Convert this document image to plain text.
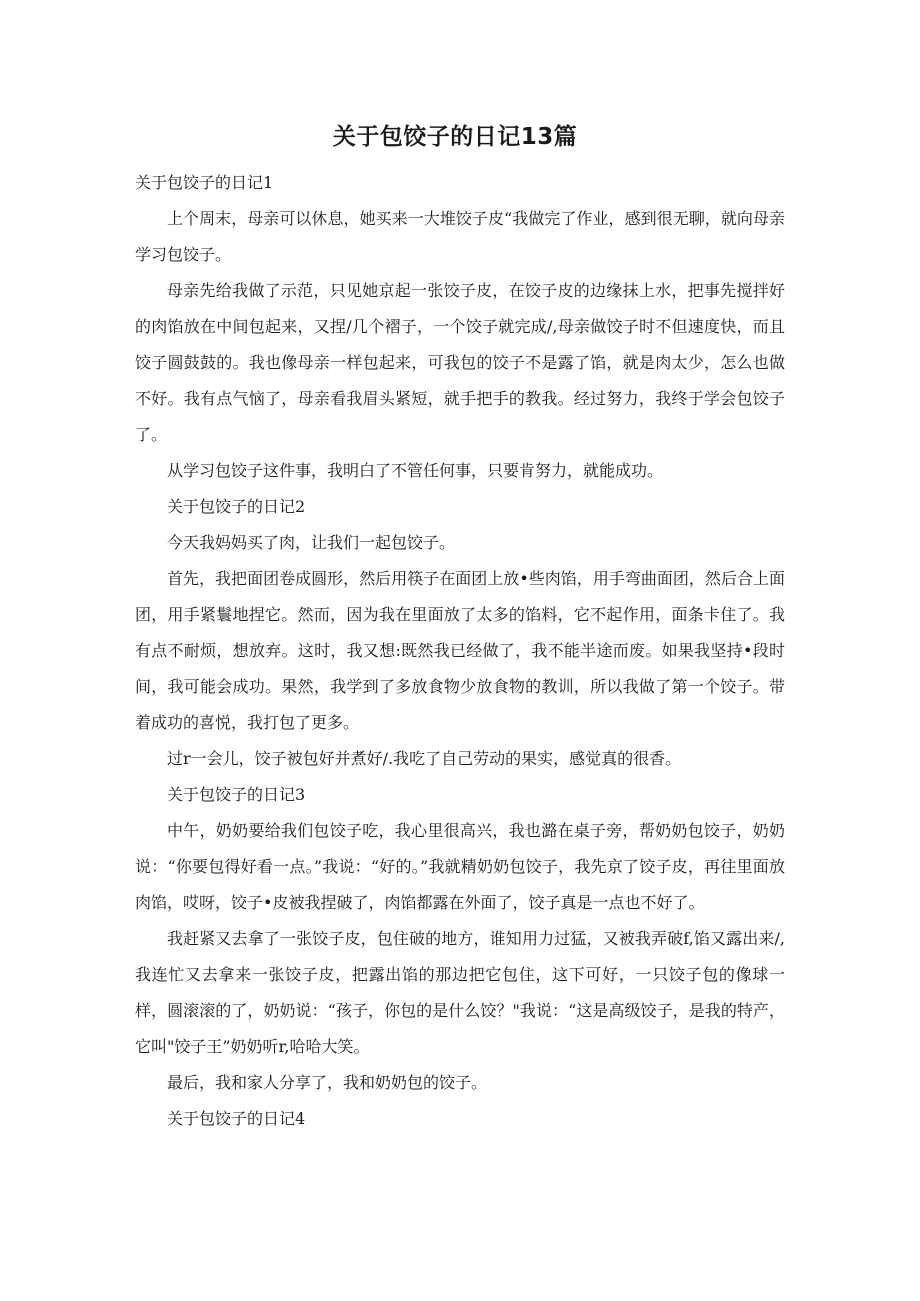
关于包饺子的日记13篇

关于包饺子的日记1

上个周末，母亲可以休息，她买来一大堆饺子皮“我做完了作业，感到很无聊，就向母亲学习包饺子。

母亲先给我做了示范，只见她京起一张饺子皮，在饺子皮的边缘抹上水，把事先搅拌好的肉馅放在中间包起来，又捏/几个褶子，一个饺子就完成/,母亲做饺子时不但速度快，而且饺子圆鼓鼓的。我也像母亲一样包起来，可我包的饺子不是露了馅，就是肉太少，怎么也做不好。我有点气恼了，母亲看我眉头紧短，就手把手的教我。经过努力，我终于学会包饺子了。

从学习包饺子这件事，我明白了不管任何事，只要肯努力，就能成功。

关于包饺子的日记2

今天我妈妈买了肉，让我们一起包饺子。

首先，我把面团卷成圆形，然后用筷子在面团上放•些肉馅，用手弯曲面团，然后合上面团，用手紧鬟地捏它。然而，因为我在里面放了太多的馅料，它不起作用，面条卡住了。我有点不耐烦，想放弃。这时，我又想:既然我已经做了，我不能半途而废。如果我坚持•段时间，我可能会成功。果然，我学到了多放食物少放食物的教训，所以我做了第一个饺子。带着成功的喜悦，我打包了更多。

过r一会儿，饺子被包好并煮好/.我吃了自己劳动的果实，感觉真的很香。

关于包饺子的日记3

中午，奶奶要给我们包饺子吃，我心里很高兴，我也潞在桌子旁，帮奶奶包饺子，奶奶说：“你要包得好看一点。”我说：“好的。”我就精奶奶包饺子，我先京了饺子皮，再往里面放肉馅，哎呀，饺子•皮被我捏破了，肉馅都露在外面了，饺子真是一点也不好了。

我赶紧又去拿了一张饺子皮，包住破的地方，谁知用力过猛，又被我弄破f,馅又露出来/,我连忙又去拿来一张饺子皮，把露出馅的那边把它包住，这下可好，一只饺子包的像球一样，圆滚滚的了，奶奶说：“孩子，你包的是什么饺？"我说：“这是高级饺子，是我的特产，它叫"饺子王”奶奶听r,哈哈大笑。

最后，我和家人分享了，我和奶奶包的饺子。

关于包饺子的日记4
